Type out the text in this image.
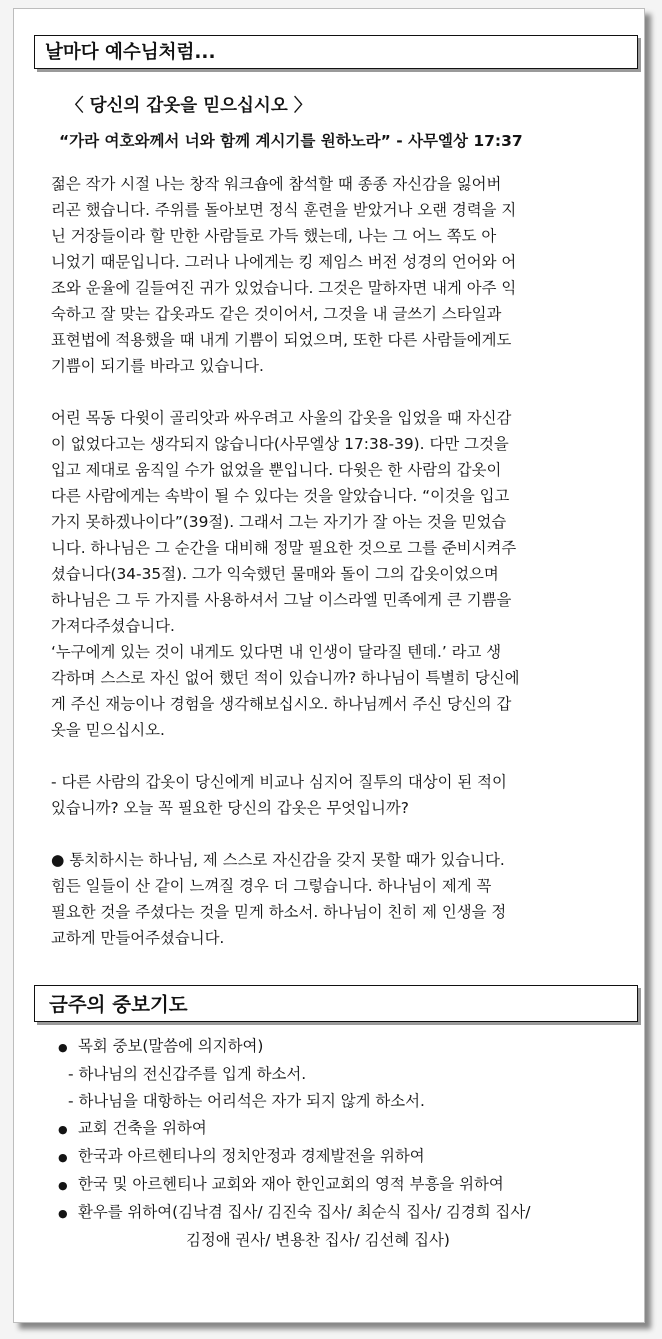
날마다 예수님처럼...
〈 당신의 갑옷을 믿으십시오 〉
“가라 여호와께서 너와 함께 계시기를 원하노라” - 사무엘상 17:37

젊은 작가 시절 나는 창작 워크숍에 참석할 때 종종 자신감을 잃어버
리곤 했습니다. 주위를 돌아보면 정식 훈련을 받았거나 오랜 경력을 지
닌 거장들이라 할 만한 사람들로 가득 했는데, 나는 그 어느 쪽도 아
니었기 때문입니다. 그러나 나에게는 킹 제임스 버전 성경의 언어와 어
조와 운율에 길들여진 귀가 있었습니다. 그것은 말하자면 내게 아주 익
숙하고 잘 맞는 갑옷과도 같은 것이어서, 그것을 내 글쓰기 스타일과
표현법에 적용했을 때 내게 기쁨이 되었으며, 또한 다른 사람들에게도
기쁨이 되기를 바라고 있습니다.

어린 목동 다윗이 골리앗과 싸우려고 사울의 갑옷을 입었을 때 자신감
이 없었다고는 생각되지 않습니다(사무엘상 17:38-39). 다만 그것을
입고 제대로 움직일 수가 없었을 뿐입니다. 다윗은 한 사람의 갑옷이
다른 사람에게는 속박이 될 수 있다는 것을 알았습니다. “이것을 입고
가지 못하겠나이다”(39절). 그래서 그는 자기가 잘 아는 것을 믿었습
니다. 하나님은 그 순간을 대비해 정말 필요한 것으로 그를 준비시켜주
셨습니다(34-35절). 그가 익숙했던 물매와 돌이 그의 갑옷이었으며
하나님은 그 두 가지를 사용하셔서 그날 이스라엘 민족에게 큰 기쁨을
가져다주셨습니다.

‘누구에게 있는 것이 내게도 있다면 내 인생이 달라질 텐데.’ 라고 생
각하며 스스로 자신 없어 했던 적이 있습니까? 하나님이 특별히 당신에
게 주신 재능이나 경험을 생각해보십시오. 하나님께서 주신 당신의 갑
옷을 믿으십시오.

- 다른 사람의 갑옷이 당신에게 비교나 심지어 질투의 대상이 된 적이
있습니까? 오늘 꼭 필요한 당신의 갑옷은 무엇입니까?

● 통치하시는 하나님, 제 스스로 자신감을 갖지 못할 때가 있습니다.
힘든 일들이 산 같이 느껴질 경우 더 그렇습니다. 하나님이 제게 꼭
필요한 것을 주셨다는 것을 믿게 하소서. 하나님이 친히 제 인생을 정
교하게 만들어주셨습니다.

금주의 중보기도
● 목회 중보(말씀에 의지하여)
- 하나님의 전신갑주를 입게 하소서.
- 하나님을 대항하는 어리석은 자가 되지 않게 하소서.
● 교회 건축을 위하여
● 한국과 아르헨티나의 정치안정과 경제발전을 위하여
● 한국 및 아르헨티나 교회와 재아 한인교회의 영적 부흥을 위하여
● 환우를 위하여(김낙겸 집사/ 김진숙 집사/ 최순식 집사/ 김경희 집사/
김정애 권사/ 변용찬 집사/ 김선혜 집사)
